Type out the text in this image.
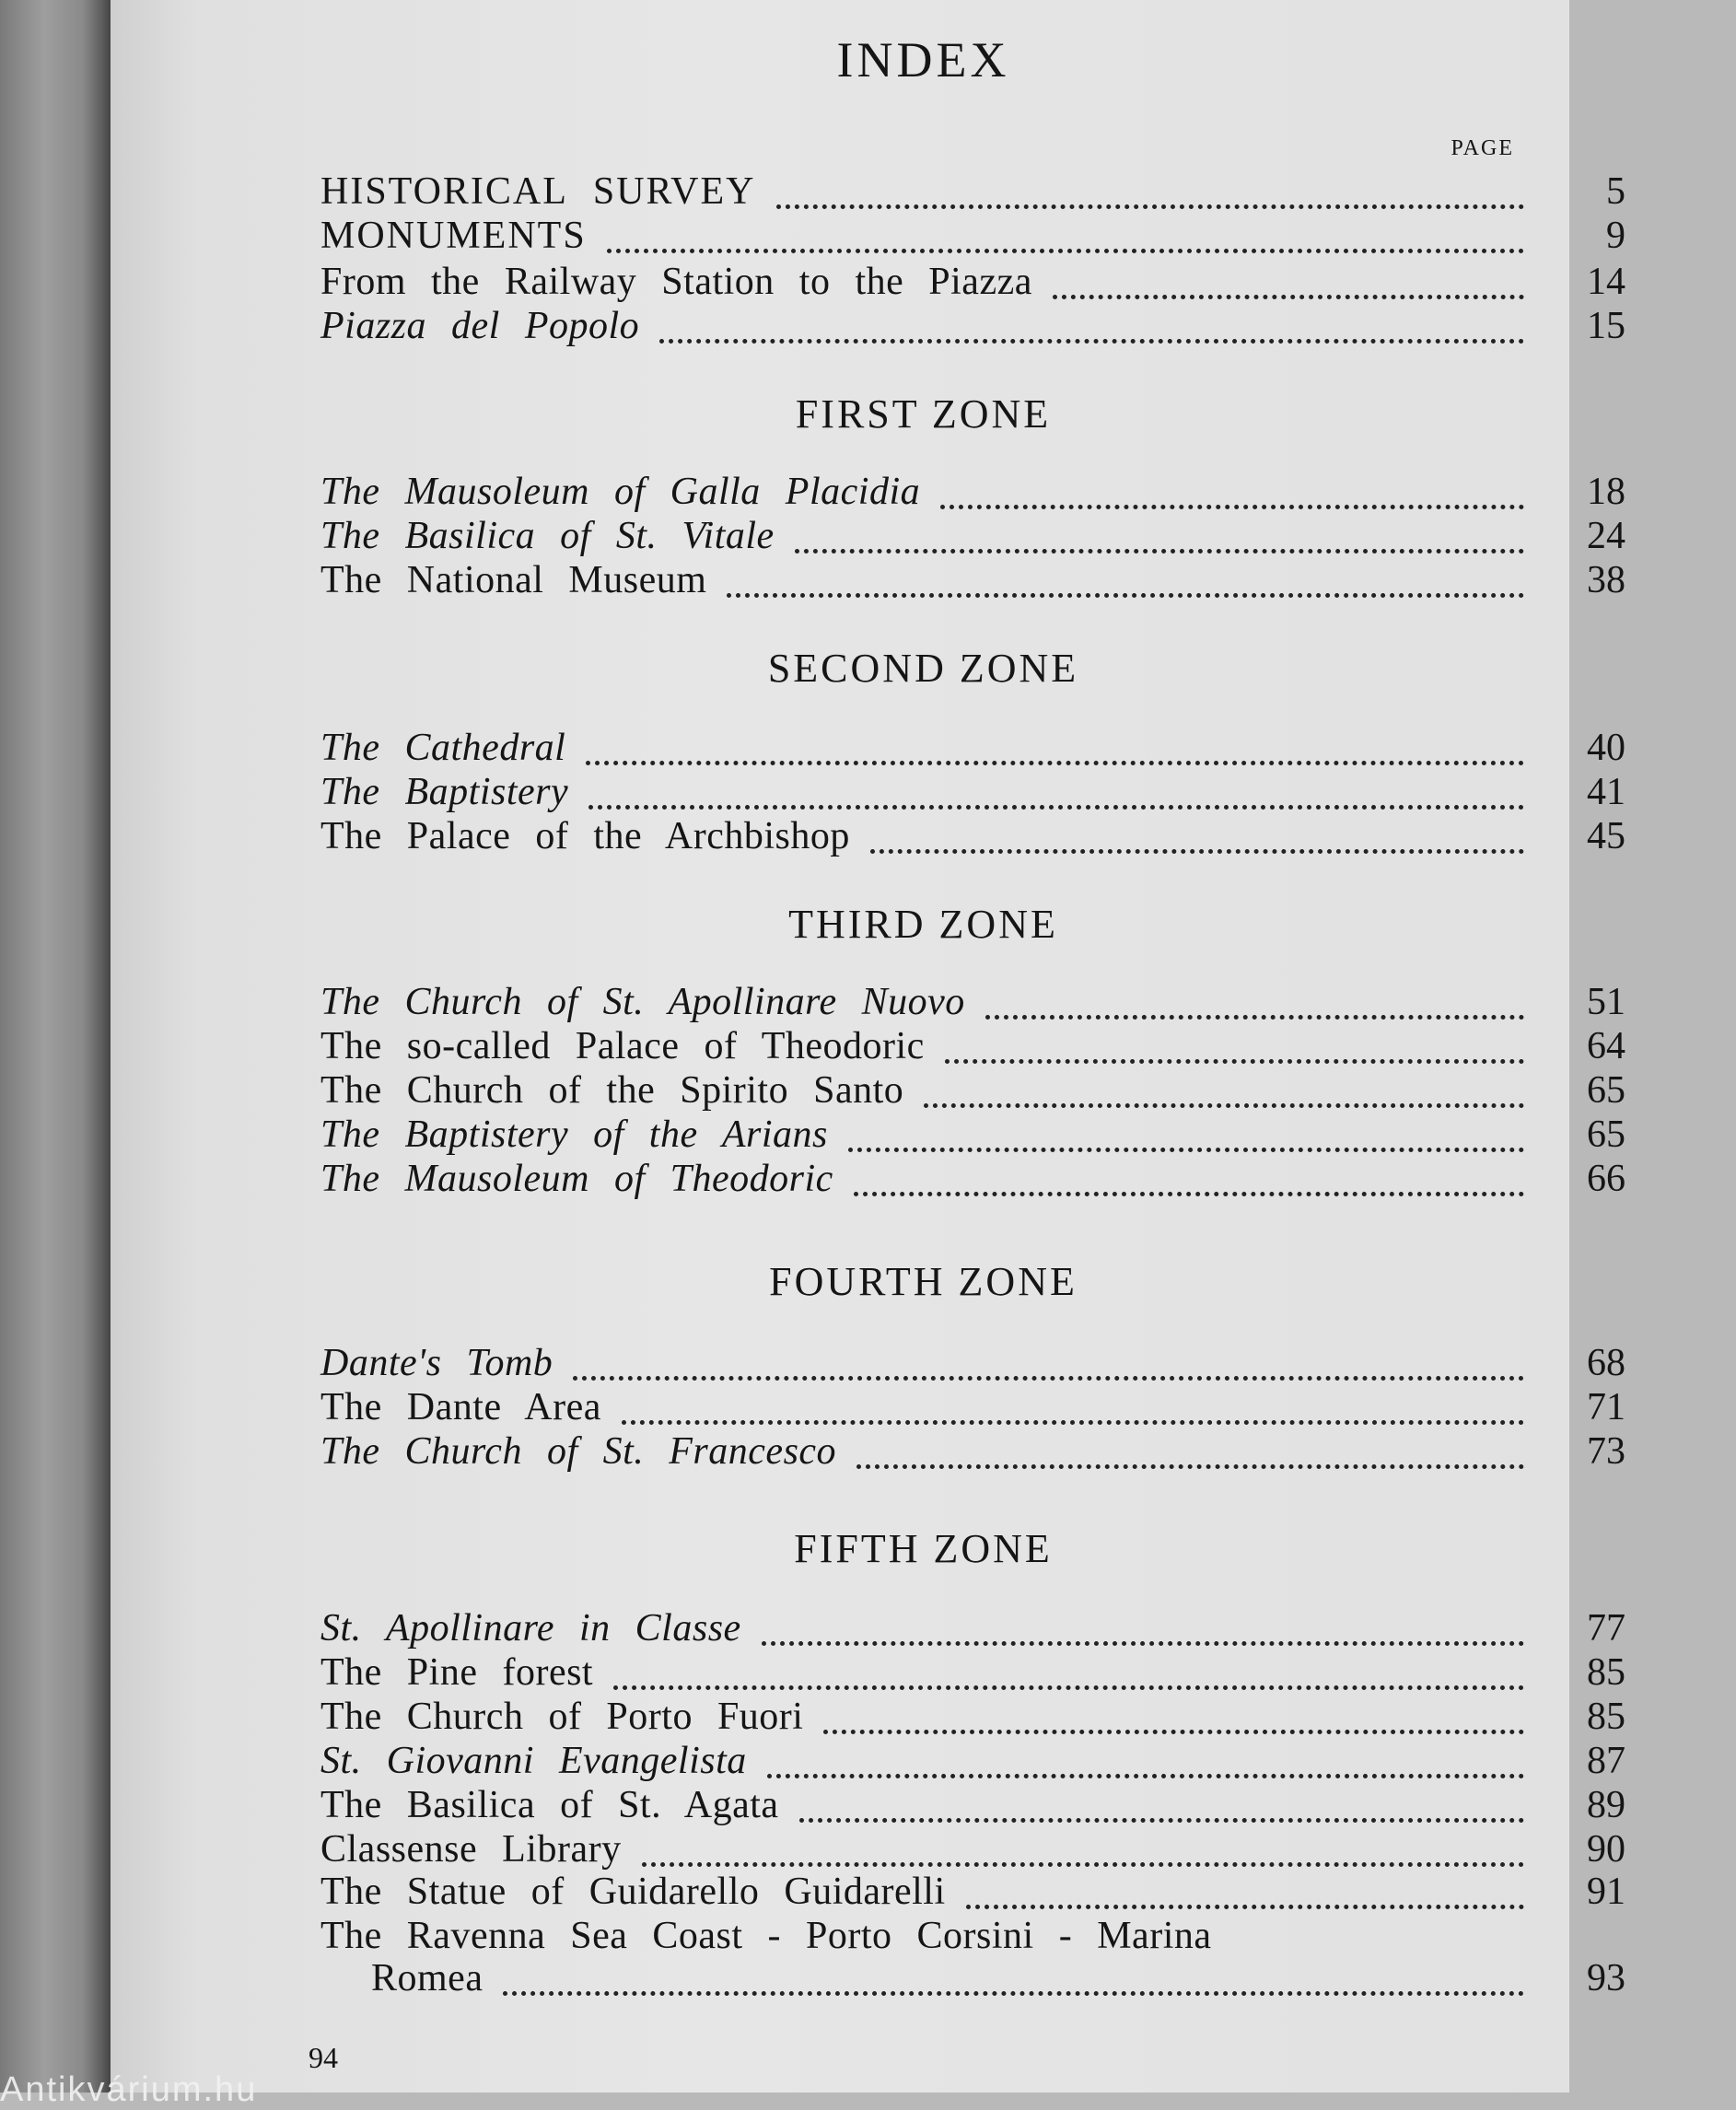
INDEX
PAGE
HISTORICAL SURVEY	5
MONUMENTS	9
From the Railway Station to the Piazza	14
Piazza del Popolo	15
FIRST ZONE
The Mausoleum of Galla Placidia	18
The Basilica of St. Vitale	24
The National Museum	38
SECOND ZONE
The Cathedral	40
The Baptistery	41
The Palace of the Archbishop	45
THIRD ZONE
The Church of St. Apollinare Nuovo	51
The so-called Palace of Theodoric	64
The Church of the Spirito Santo	65
The Baptistery of the Arians	65
The Mausoleum of Theodoric	66
FOURTH ZONE
Dante's Tomb	68
The Dante Area	71
The Church of St. Francesco	73
FIFTH ZONE
St. Apollinare in Classe	77
The Pine forest	85
The Church of Porto Fuori	85
St. Giovanni Evangelista	87
The Basilica of St. Agata	89
Classense Library	90
The Statue of Guidarello Guidarelli	91
The Ravenna Sea Coast - Porto Corsini - Marina
Romea	93
94
Antikvárium.hu
